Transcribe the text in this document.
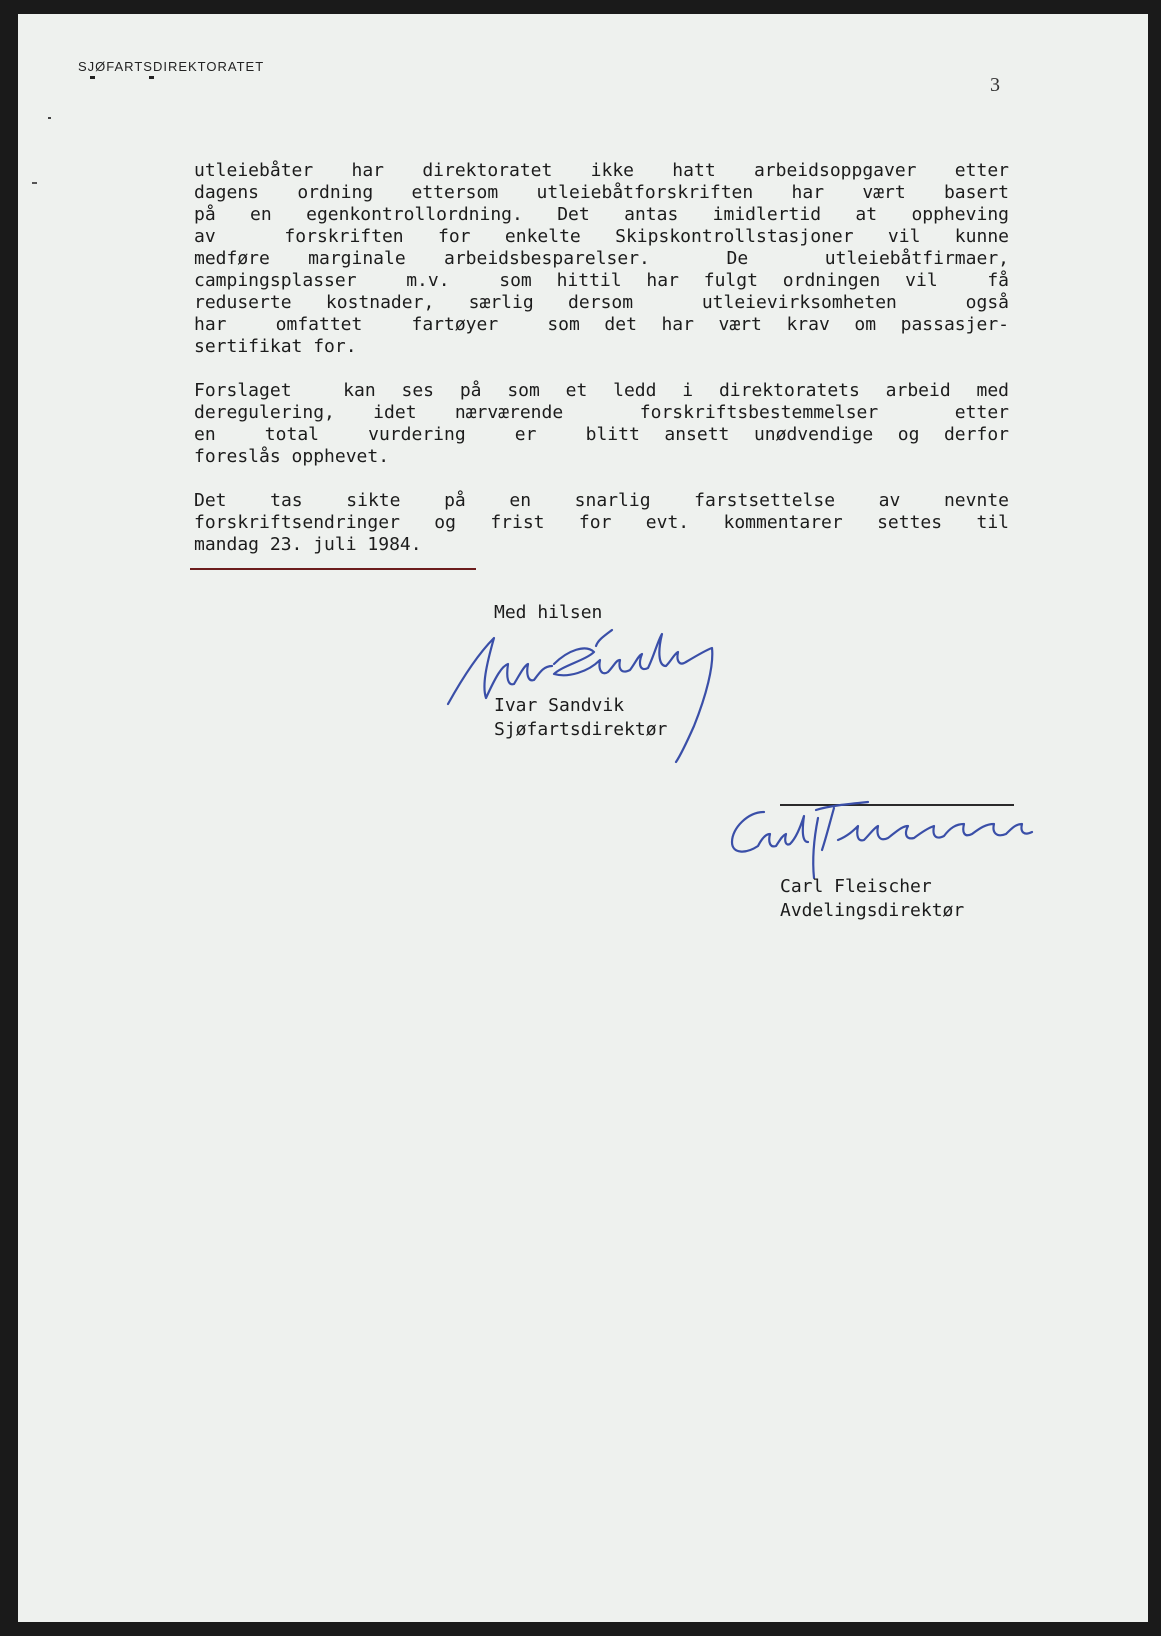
SJØFARTSDIREKTORATET
3
utleiebåter har direktoratet ikke hatt arbeidsoppgaver etter
dagens ordning ettersom utleiebåtforskriften har vært basert
på en egenkontrollordning. Det antas imidlertid at oppheving
av  forskriften for enkelte Skipskontrollstasjoner vil kunne
medføre marginale arbeidsbesparelser.  De  utleiebåtfirmaer,
campingsplasser  m.v.  som hittil har fulgt ordningen vil  få
reduserte kostnader, særlig dersom  utleievirksomheten  også
har  omfattet  fartøyer  som det har vært krav om passasjer-
sertifikat for.
Forslaget  kan ses på som et ledd i direktoratets arbeid med
deregulering, idet nærværende  forskriftsbestemmelser  etter
en  total  vurdering  er  blitt ansett unødvendige og derfor
foreslås opphevet.
Det  tas  sikte  på  en  snarlig  farstsettelse  av  nevnte
forskriftsendringer og frist for evt. kommentarer settes til
mandag 23. juli 1984.
Med hilsen
Ivar Sandvik
Sjøfartsdirektør
Carl Fleischer
Avdelingsdirektør
